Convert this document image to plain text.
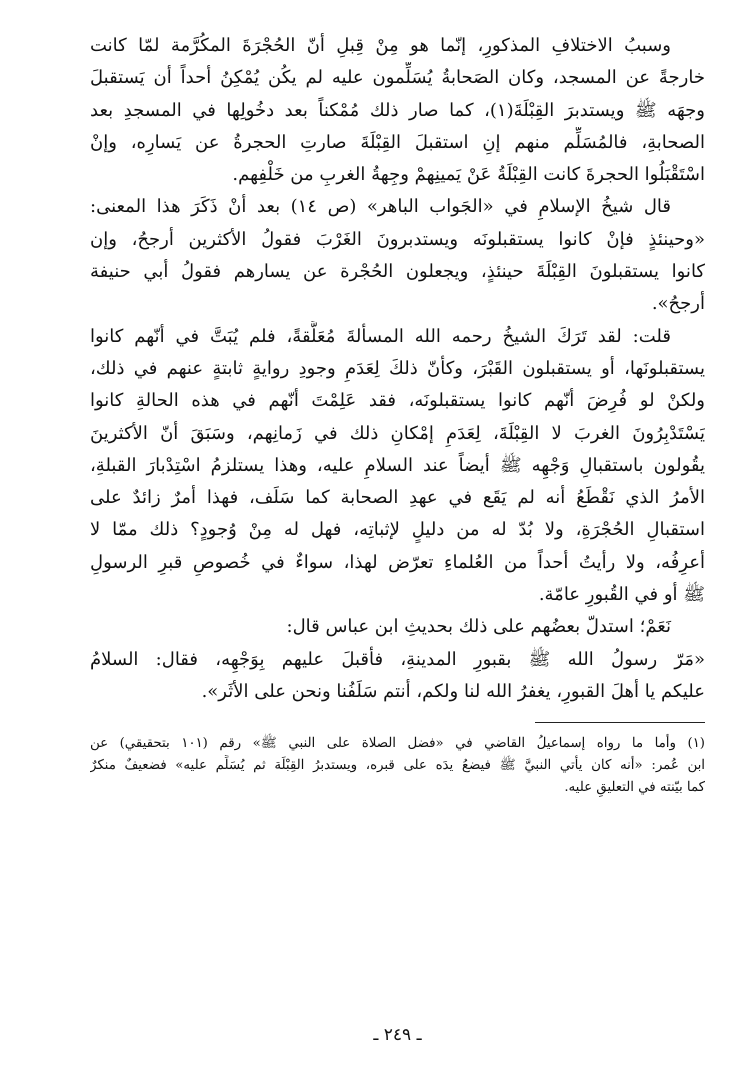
وسببُ الاختلافِ المذكورِ، إنّما هو مِنْ قِبلِ أنّ الحُجْرَةَ المكُرَّمة لمّا كانت
خارجةً عن المسجد، وكان الصَحابةُ يُسَلِّمون عليه لم يكُن يُمْكِنُ أحداً أن يَستقبلَ
وجهَه ﷺ ويستدبرَ القِبْلَةَ(١)، كما صار ذلك مُمْكناً بعد دخُولِها في المسجدِ بعد
الصحابةِ، فالمُسَلِّم منهم إنِ استقبلَ القِبْلَةَ صارتِ الحجرةُ عن يَسارِه، وإنْ
اسْتَقْبَلُوا الحجرةَ كانت القِبْلَةُ عَنْ يَمينِهمْ وجِهةُ الغربِ من خَلْفِهم.
قال شيخُ الإسلامِ في «الجَواب الباهر» (ص ١٤) بعد أنْ ذَكَرَ هذا المعنى:
«وحينئذٍ فإنْ كانوا يستقبلونَه ويستدبرونَ الغَرْبَ فقولُ الأكثرين أرجحُ، وإن
كانوا يستقبلونَ القِبْلَةَ حينئذٍ، ويجعلون الحُجْرة عن يسارهم فقولُ أبي حنيفة
أرجحُ».
قلت: لقد تَرَكَ الشيخُ رحمه الله المسألةَ مُعَلَّقةً، فلم يُبَتَّ في أنّهم كانوا
يستقبلونَها، أو يستقبلون القَبْرَ، وكأنّ ذلكَ لِعَدَمِ وجودِ روايةٍ ثابتةٍ عنهم في ذلك،
ولكنْ لو فُرِضَ أنّهم كانوا يستقبلونَه، فقد عَلِمْتَ أنّهم في هذه الحالةِ كانوا
يَسْتَدْبِرُونَ الغربَ لا القِبْلَةَ، لِعَدَمِ إمْكانِ ذلك في زَمانِهم، وسَبَقَ أنّ الأكثرينَ
يقُولون باستقبالِ وَجْهِه ﷺ أيضاً عند السلامِ عليه، وهذا يستلزمُ اسْتِدْبارَ القبلةِ،
الأمرُ الذي نَقْطَعُ أنه لم يَقَع في عهدِ الصحابة كما سَلَف، فهذا أمرٌ زائدٌ على
استقبالِ الحُجْرَةِ، ولا بُدّ له من دليلٍ لإثباتِه، فهل له مِنْ وُجودٍ؟ ذلك ممّا لا
أعرِفُه، ولا رأيتُ أحداً من العُلماءِ تعرّض لهذا، سواءٌ في خُصوصِ قبرِ الرسولِ
ﷺ أو في القُبورِ عامّة.
نَعَمْ؛ استدلّ بعضُهم على ذلك بحديثِ ابن عباس قال:
«مَرّ رسولُ الله ﷺ بقبورِ المدينةِ، فأقبلَ عليهم بِوَجْهِه، فقال: السلامُ
عليكم يا أهلَ القبورِ، يغفرُ الله لنا ولكم، أنتم سَلَفُنا ونحن على الأثَر».
(١) وأما ما رواه إسماعيلُ القاضي في «فضل الصلاة على النبي ﷺ» رقم (١٠١ بتحقيقي) عن
ابن عُمر: «أنه كان يأتي النبيَّ ﷺ فيضعُ يدَه على قبره، ويستدبرُ القِبْلَة ثم يُسَلِّم عليه» فضعيفٌ منكرٌ
كما بيّنته في التعليقِ عليه.
ـ ٢٤٩ ـ
